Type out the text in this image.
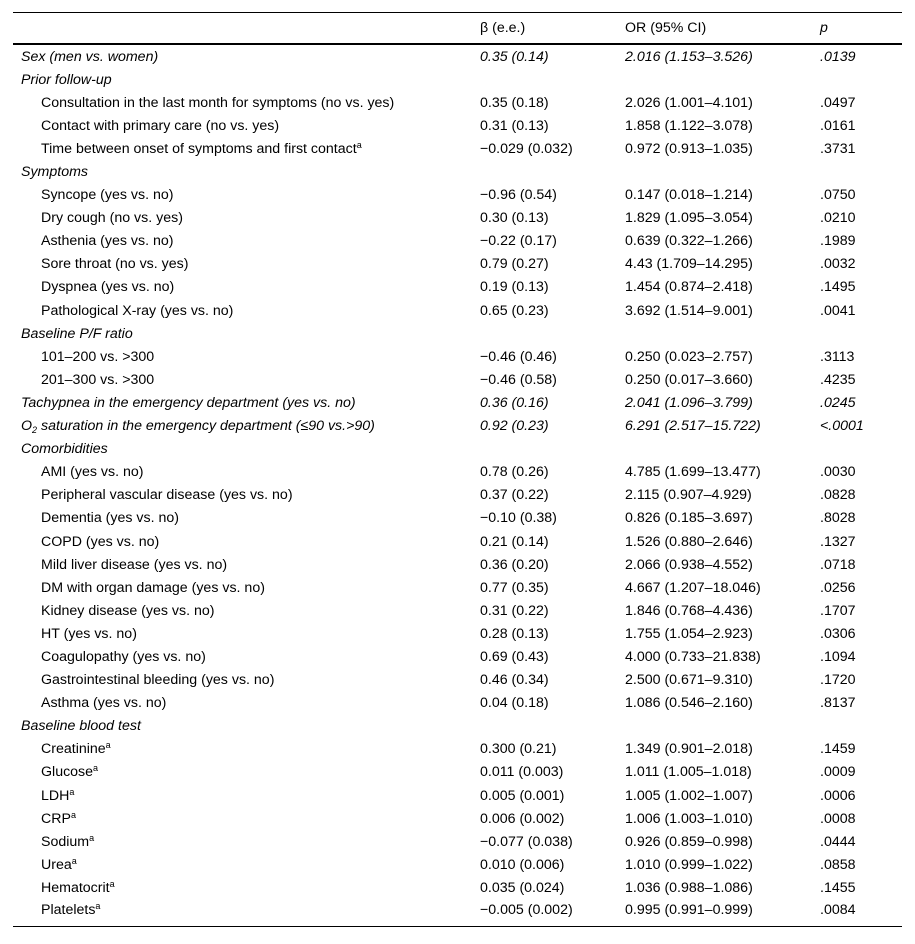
	β (e.e.)	OR (95% CI)	p
Sex (men vs. women)	0.35 (0.14)	2.016 (1.153–3.526)	.0139
Prior follow-up			
Consultation in the last month for symptoms (no vs. yes)	0.35 (0.18)	2.026 (1.001–4.101)	.0497
Contact with primary care (no vs. yes)	0.31 (0.13)	1.858 (1.122–3.078)	.0161
Time between onset of symptoms and first contact$^a$	−0.029 (0.032)	0.972 (0.913–1.035)	.3731
Symptoms			
Syncope (yes vs. no)	−0.96 (0.54)	0.147 (0.018–1.214)	.0750
Dry cough (no vs. yes)	0.30 (0.13)	1.829 (1.095–3.054)	.0210
Asthenia (yes vs. no)	−0.22 (0.17)	0.639 (0.322–1.266)	.1989
Sore throat (no vs. yes)	0.79 (0.27)	4.43 (1.709–14.295)	.0032
Dyspnea (yes vs. no)	0.19 (0.13)	1.454 (0.874–2.418)	.1495
Pathological X-ray (yes vs. no)	0.65 (0.23)	3.692 (1.514–9.001)	.0041
Baseline P/F ratio			
101–200 vs. >300	−0.46 (0.46)	0.250 (0.023–2.757)	.3113
201–300 vs. >300	−0.46 (0.58)	0.250 (0.017–3.660)	.4235
Tachypnea in the emergency department (yes vs. no)	0.36 (0.16)	2.041 (1.096–3.799)	.0245
$O_2$ saturation in the emergency department (≤90 vs.>90)	0.92 (0.23)	6.291 (2.517–15.722)	<.0001
Comorbidities			
AMI (yes vs. no)	0.78 (0.26)	4.785 (1.699–13.477)	.0030
Peripheral vascular disease (yes vs. no)	0.37 (0.22)	2.115 (0.907–4.929)	.0828
Dementia (yes vs. no)	−0.10 (0.38)	0.826 (0.185–3.697)	.8028
COPD (yes vs. no)	0.21 (0.14)	1.526 (0.880–2.646)	.1327
Mild liver disease (yes vs. no)	0.36 (0.20)	2.066 (0.938–4.552)	.0718
DM with organ damage (yes vs. no)	0.77 (0.35)	4.667 (1.207–18.046)	.0256
Kidney disease (yes vs. no)	0.31 (0.22)	1.846 (0.768–4.436)	.1707
HT (yes vs. no)	0.28 (0.13)	1.755 (1.054–2.923)	.0306
Coagulopathy (yes vs. no)	0.69 (0.43)	4.000 (0.733–21.838)	.1094
Gastrointestinal bleeding (yes vs. no)	0.46 (0.34)	2.500 (0.671–9.310)	.1720
Asthma (yes vs. no)	0.04 (0.18)	1.086 (0.546–2.160)	.8137
Baseline blood test			
Creatinine$^a$	0.300 (0.21)	1.349 (0.901–2.018)	.1459
Glucose$^a$	0.011 (0.003)	1.011 (1.005–1.018)	.0009
LDH$^a$	0.005 (0.001)	1.005 (1.002–1.007)	.0006
CRP$^a$	0.006 (0.002)	1.006 (1.003–1.010)	.0008
Sodium$^a$	−0.077 (0.038)	0.926 (0.859–0.998)	.0444
Urea$^a$	0.010 (0.006)	1.010 (0.999–1.022)	.0858
Hematocrit$^a$	0.035 (0.024)	1.036 (0.988–1.086)	.1455
Platelets$^a$	−0.005 (0.002)	0.995 (0.991–0.999)	.0084
